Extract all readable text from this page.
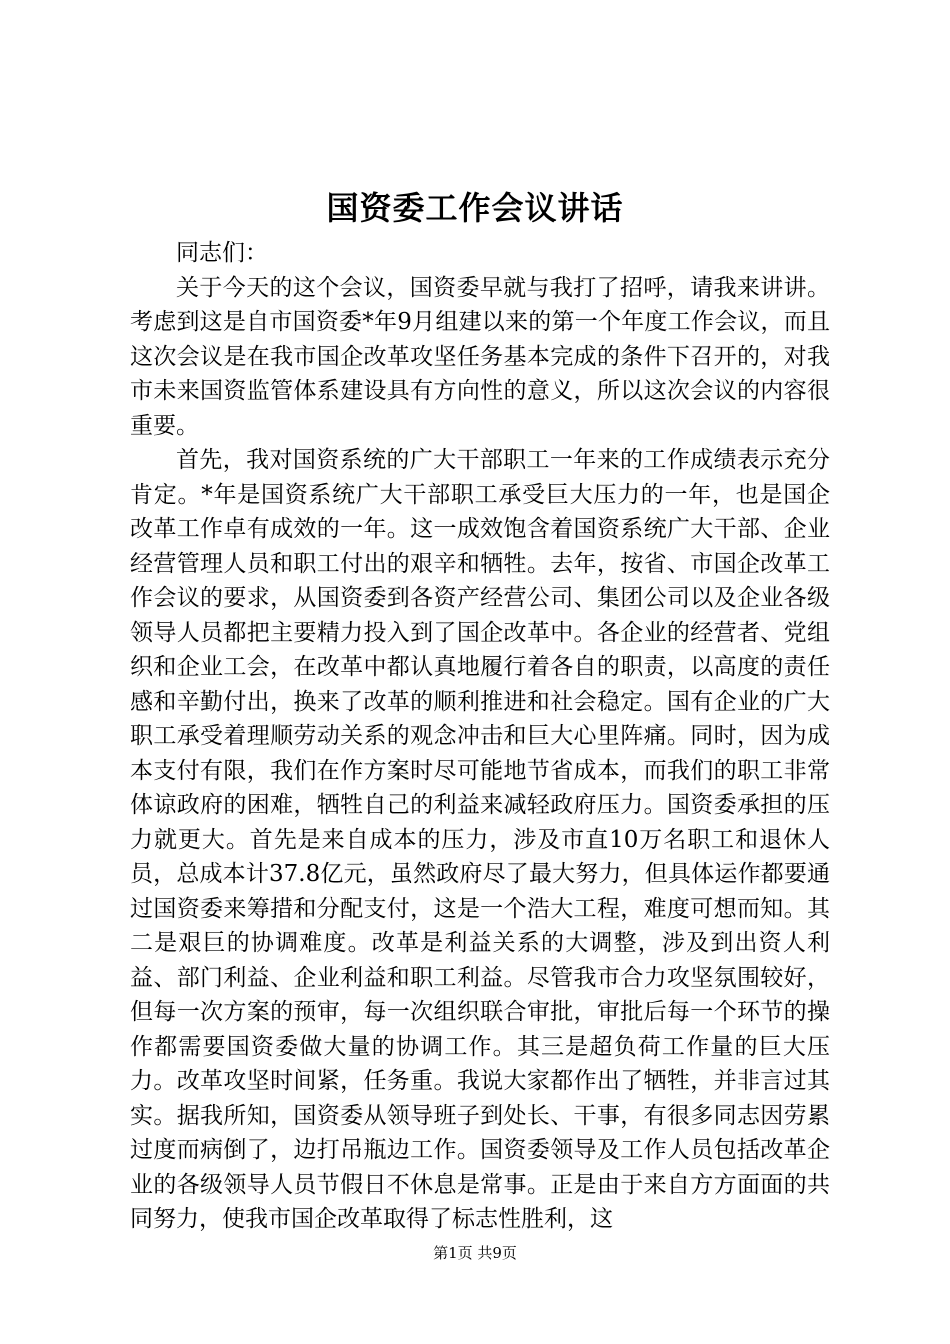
国资委工作会议讲话

同志们：

关于今天的这个会议，国资委早就与我打了招呼，请我来讲讲。考虑到这是自市国资委*年9月组建以来的第一个年度工作会议，而且这次会议是在我市国企改革攻坚任务基本完成的条件下召开的，对我市未来国资监管体系建设具有方向性的意义，所以这次会议的内容很重要。

首先，我对国资系统的广大干部职工一年来的工作成绩表示充分肯定。*年是国资系统广大干部职工承受巨大压力的一年，也是国企改革工作卓有成效的一年。这一成效饱含着国资系统广大干部、企业经营管理人员和职工付出的艰辛和牺牲。去年，按省、市国企改革工作会议的要求，从国资委到各资产经营公司、集团公司以及企业各级领导人员都把主要精力投入到了国企改革中。各企业的经营者、党组织和企业工会，在改革中都认真地履行着各自的职责，以高度的责任感和辛勤付出，换来了改革的顺利推进和社会稳定。国有企业的广大职工承受着理顺劳动关系的观念冲击和巨大心里阵痛。同时，因为成本支付有限，我们在作方案时尽可能地节省成本，而我们的职工非常体谅政府的困难，牺牲自己的利益来减轻政府压力。国资委承担的压力就更大。首先是来自成本的压力，涉及市直10万名职工和退休人员，总成本计37.8亿元，虽然政府尽了最大努力，但具体运作都要通过国资委来筹措和分配支付，这是一个浩大工程，难度可想而知。其二是艰巨的协调难度。改革是利益关系的大调整，涉及到出资人利益、部门利益、企业利益和职工利益。尽管我市合力攻坚氛围较好，但每一次方案的预审，每一次组织联合审批，审批后每一个环节的操作都需要国资委做大量的协调工作。其三是超负荷工作量的巨大压力。改革攻坚时间紧，任务重。我说大家都作出了牺牲，并非言过其实。据我所知，国资委从领导班子到处长、干事，有很多同志因劳累过度而病倒了，边打吊瓶边工作。国资委领导及工作人员包括改革企业的各级领导人员节假日不休息是常事。正是由于来自方方面面的共同努力，使我市国企改革取得了标志性胜利，这

第1页 共9页
